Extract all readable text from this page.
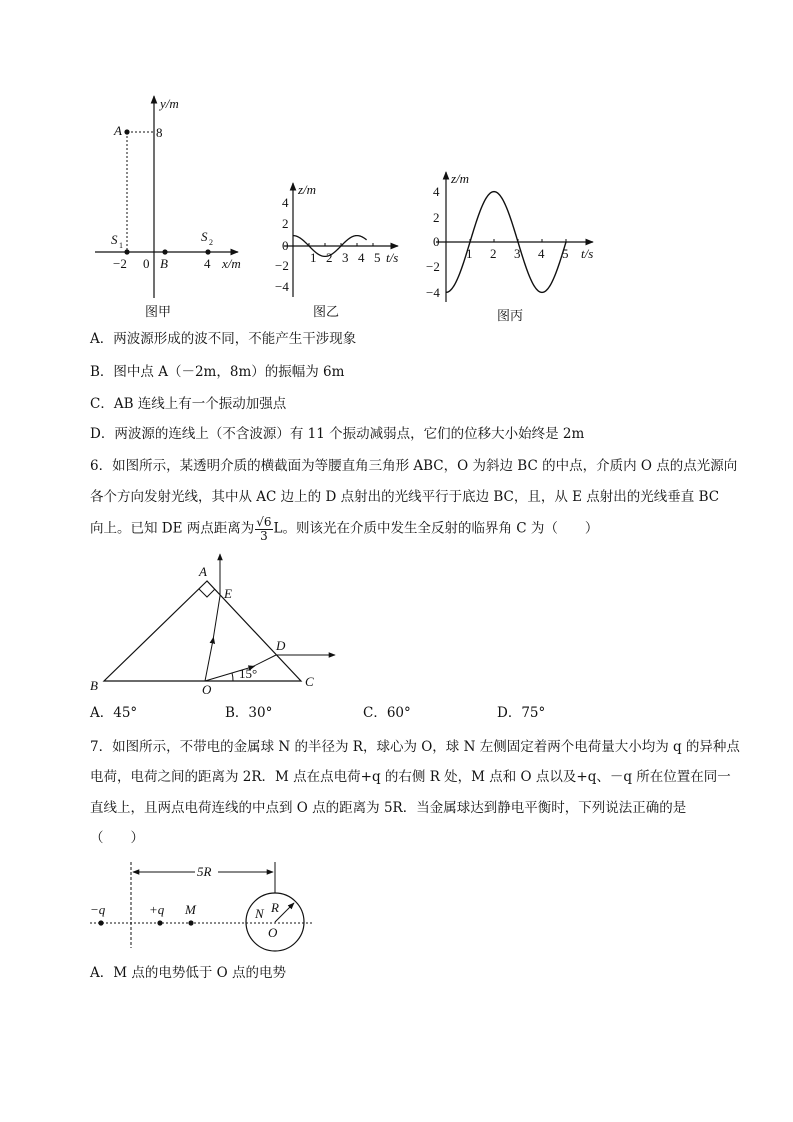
y/m
A	8
S 1
S 2
−2 0	4
B	x/m
图甲
z/m
4
2
0
−2
−4
1 2 3 4 5 t/s
图乙
z/m
4
2
0
−2
−4
1 2 3 4 5 t/s
图丙
A．两波源形成的波不同，不能产生干涉现象
B．图中点 A（－2m，8m）的振幅为 6m
C．AB 连线上有一个振动加强点
D．两波源的连线上（不含波源）有 11 个振动减弱点，它们的位移大小始终是 2m
6．如图所示，某透明介质的横截面为等腰直角三角形 ABC，O 为斜边 BC 的中点，介质内 O 点的点光源向
各个方向发射光线，其中从 AC 边上的 D 点射出的光线平行于底边 BC，且，从 E 点射出的光线垂直 BC
向上。已知 DE 两点距离为 $\frac{√6}{3}$ L。则该光在介质中发生全反射的临界角 C 为（　　）
A
E
D
B	C
O
15°
A．45°	B．30°	C．60°	D．75°
7．如图所示，不带电的金属球 N 的半径为 R，球心为 O，球 N 左侧固定着两个电荷量大小均为 q 的异种点
电荷，电荷之间的距离为 2R．M 点在点电荷+q 的右侧 R 处，M 点和 O 点以及+q、－q 所在位置在同一
直线上，且两点电荷连线的中点到 O 点的距离为 5R．当金属球达到静电平衡时，下列说法正确的是
（　　）
5R
−q	+q M	N R
O
A．M 点的电势低于 O 点的电势
